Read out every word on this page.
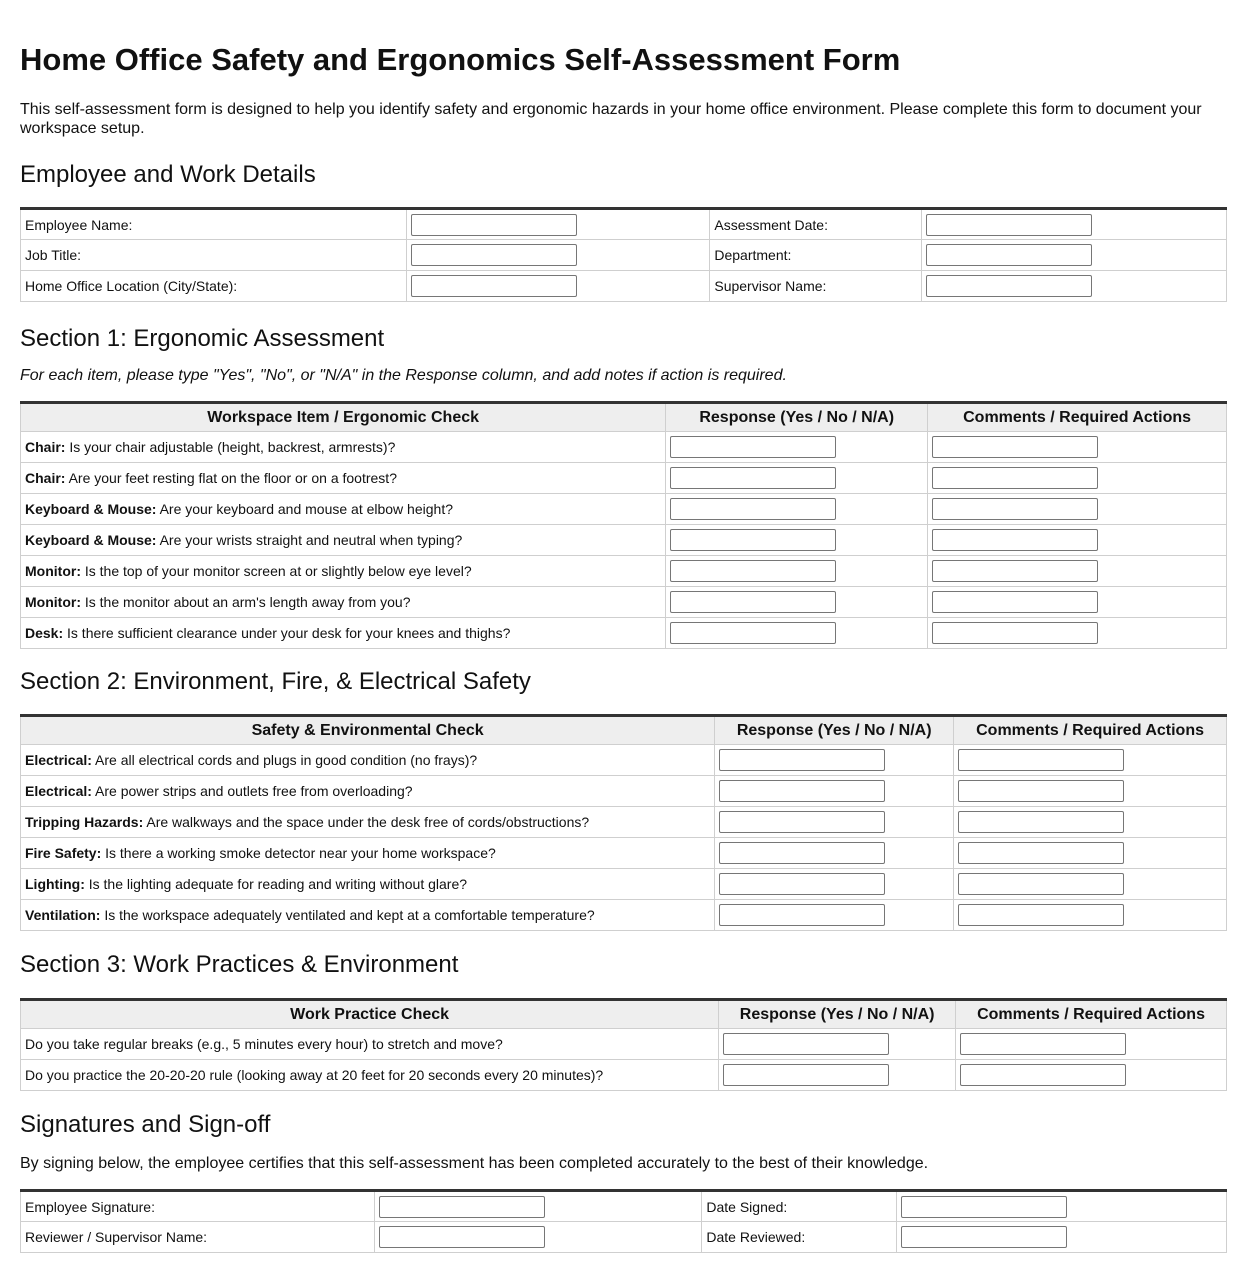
Home Office Safety and Ergonomics Self-Assessment Form

This self-assessment form is designed to help you identify safety and ergonomic hazards in your home office environment. Please complete this form to document your workspace setup.

Employee and Work Details
Employee Name:		Assessment Date:	

Job Title:		Department:	

Home Office Location (City/State):		Supervisor Name:	
Section 1: Ergonomic Assessment

For each item, please type "Yes", "No", or "N/A" in the Response column, and add notes if action is required.

Workspace Item / Ergonomic Check	Response (Yes / No / N/A)	Comments / Required Actions
Chair: Is your chair adjustable (height, backrest, armrests)?	

Chair: Are your feet resting flat on the floor or on a footrest?	

Keyboard & Mouse: Are your keyboard and mouse at elbow height?	

Keyboard & Mouse: Are your wrists straight and neutral when typing?	

Monitor: Is the top of your monitor screen at or slightly below eye level?	

Monitor: Is the monitor about an arm's length away from you?	

Desk: Is there sufficient clearance under your desk for your knees and thighs?	

Section 2: Environment, Fire, & Electrical Safety
Safety & Environmental Check	Response (Yes / No / N/A)	Comments / Required Actions
Electrical: Are all electrical cords and plugs in good condition (no frays)?	

Electrical: Are power strips and outlets free from overloading?	

Tripping Hazards: Are walkways and the space under the desk free of cords/obstructions?	

Fire Safety: Is there a working smoke detector near your home workspace?	

Lighting: Is the lighting adequate for reading and writing without glare?	

Ventilation: Is the workspace adequately ventilated and kept at a comfortable temperature?	

Section 3: Work Practices & Environment
Work Practice Check	Response (Yes / No / N/A)	Comments / Required Actions
Do you take regular breaks (e.g., 5 minutes every hour) to stretch and move?	

Do you practice the 20-20-20 rule (looking away at 20 feet for 20 seconds every 20 minutes)?	

Signatures and Sign-off

By signing below, the employee certifies that this self-assessment has been completed accurately to the best of their knowledge.

Employee Signature:		Date Signed:	

Reviewer / Supervisor Name:		Date Reviewed:	
